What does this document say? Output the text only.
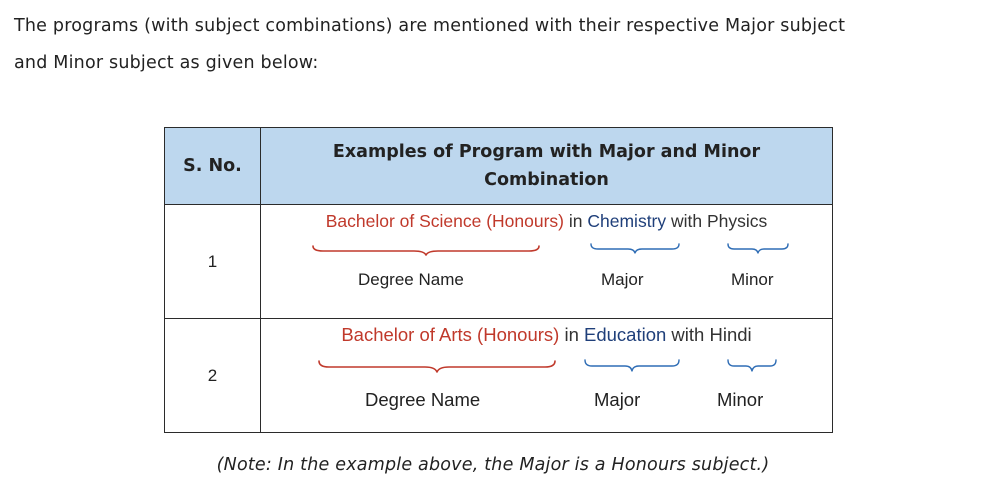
The programs (with subject combinations) are mentioned with their respective Major subject

and Minor subject as given below:

S. No.	Examples of Program with Major and Minor
Combination

1	Bachelor of Science (Honours) in Chemistry with Physics
Degree Name Major Minor

2	Bachelor of Arts (Honours) in Education with Hindi
Degree Name Major Minor
(Note: In the example above, the Major is a Honours subject.)
